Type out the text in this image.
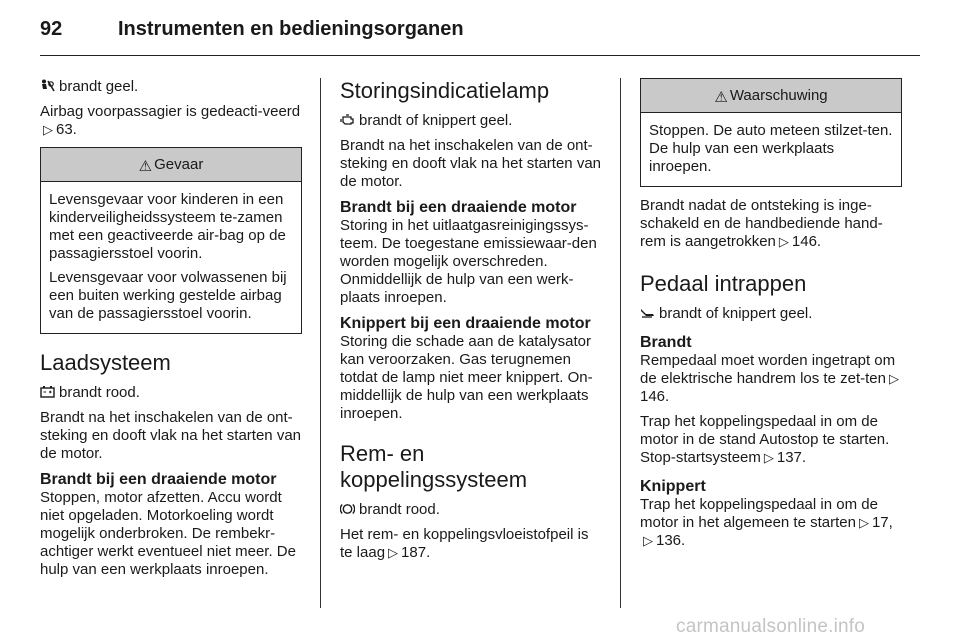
92	Instrumenten en bedieningsorganen

brandt geel.

Airbag voorpassagier is gedeacti-veerd▷ 63.

⚠ Gevaar

Levensgevaar voor kinderen in een kinderveiligheidssysteem te-zamen met een geactiveerde air-bag op de passagiersstoel voorin.

Levensgevaar voor volwassenen bij een buiten werking gestelde airbag van de passagiersstoel voorin.

Laadsysteem

brandt rood.

Brandt na het inschakelen van de ont-steking en dooft vlak na het starten van de motor.

Brandt bij een draaiende motor

Stoppen, motor afzetten. Accu wordt niet opgeladen. Motorkoeling wordt mogelijk onderbroken. De rembekr-achtiger werkt eventueel niet meer. De hulp van een werkplaats inroepen.

Storingsindicatielamp

brandt of knippert geel.

Brandt na het inschakelen van de ont-steking en dooft vlak na het starten van de motor.

Brandt bij een draaiende motor

Storing in het uitlaatgasreinigingssys-teem. De toegestane emissiewaar-den worden mogelijk overschreden. Onmiddellijk de hulp van een werk-plaats inroepen.

Knippert bij een draaiende motor

Storing die schade aan de katalysator kan veroorzaken. Gas terugnemen totdat de lamp niet meer knippert. On-middellijk de hulp van een werkplaats inroepen.

Rem- en koppelingssysteem

brandt rood.

Het rem- en koppelingsvloeistofpeil is te laag ▷ 187.

⚠ Waarschuwing

Stoppen. De auto meteen stilzet-ten. De hulp van een werkplaats inroepen.

Brandt nadat de ontsteking is inge-schakeld en de handbediende hand-rem is aangetrokken ▷ 146.

Pedaal intrappen

brandt of knippert geel.

Brandt

Rempedaal moet worden ingetrapt om de elektrische handrem los te zet-ten ▷146.

Trap het koppelingspedaal in om de motor in de stand Autostop te starten. Stop-startsysteem ▷ 137.

Knippert

Trap het koppelingspedaal in om de motor in het algemeen te starten ▷ 17, ▷ 136.

carmanualsonline.info
